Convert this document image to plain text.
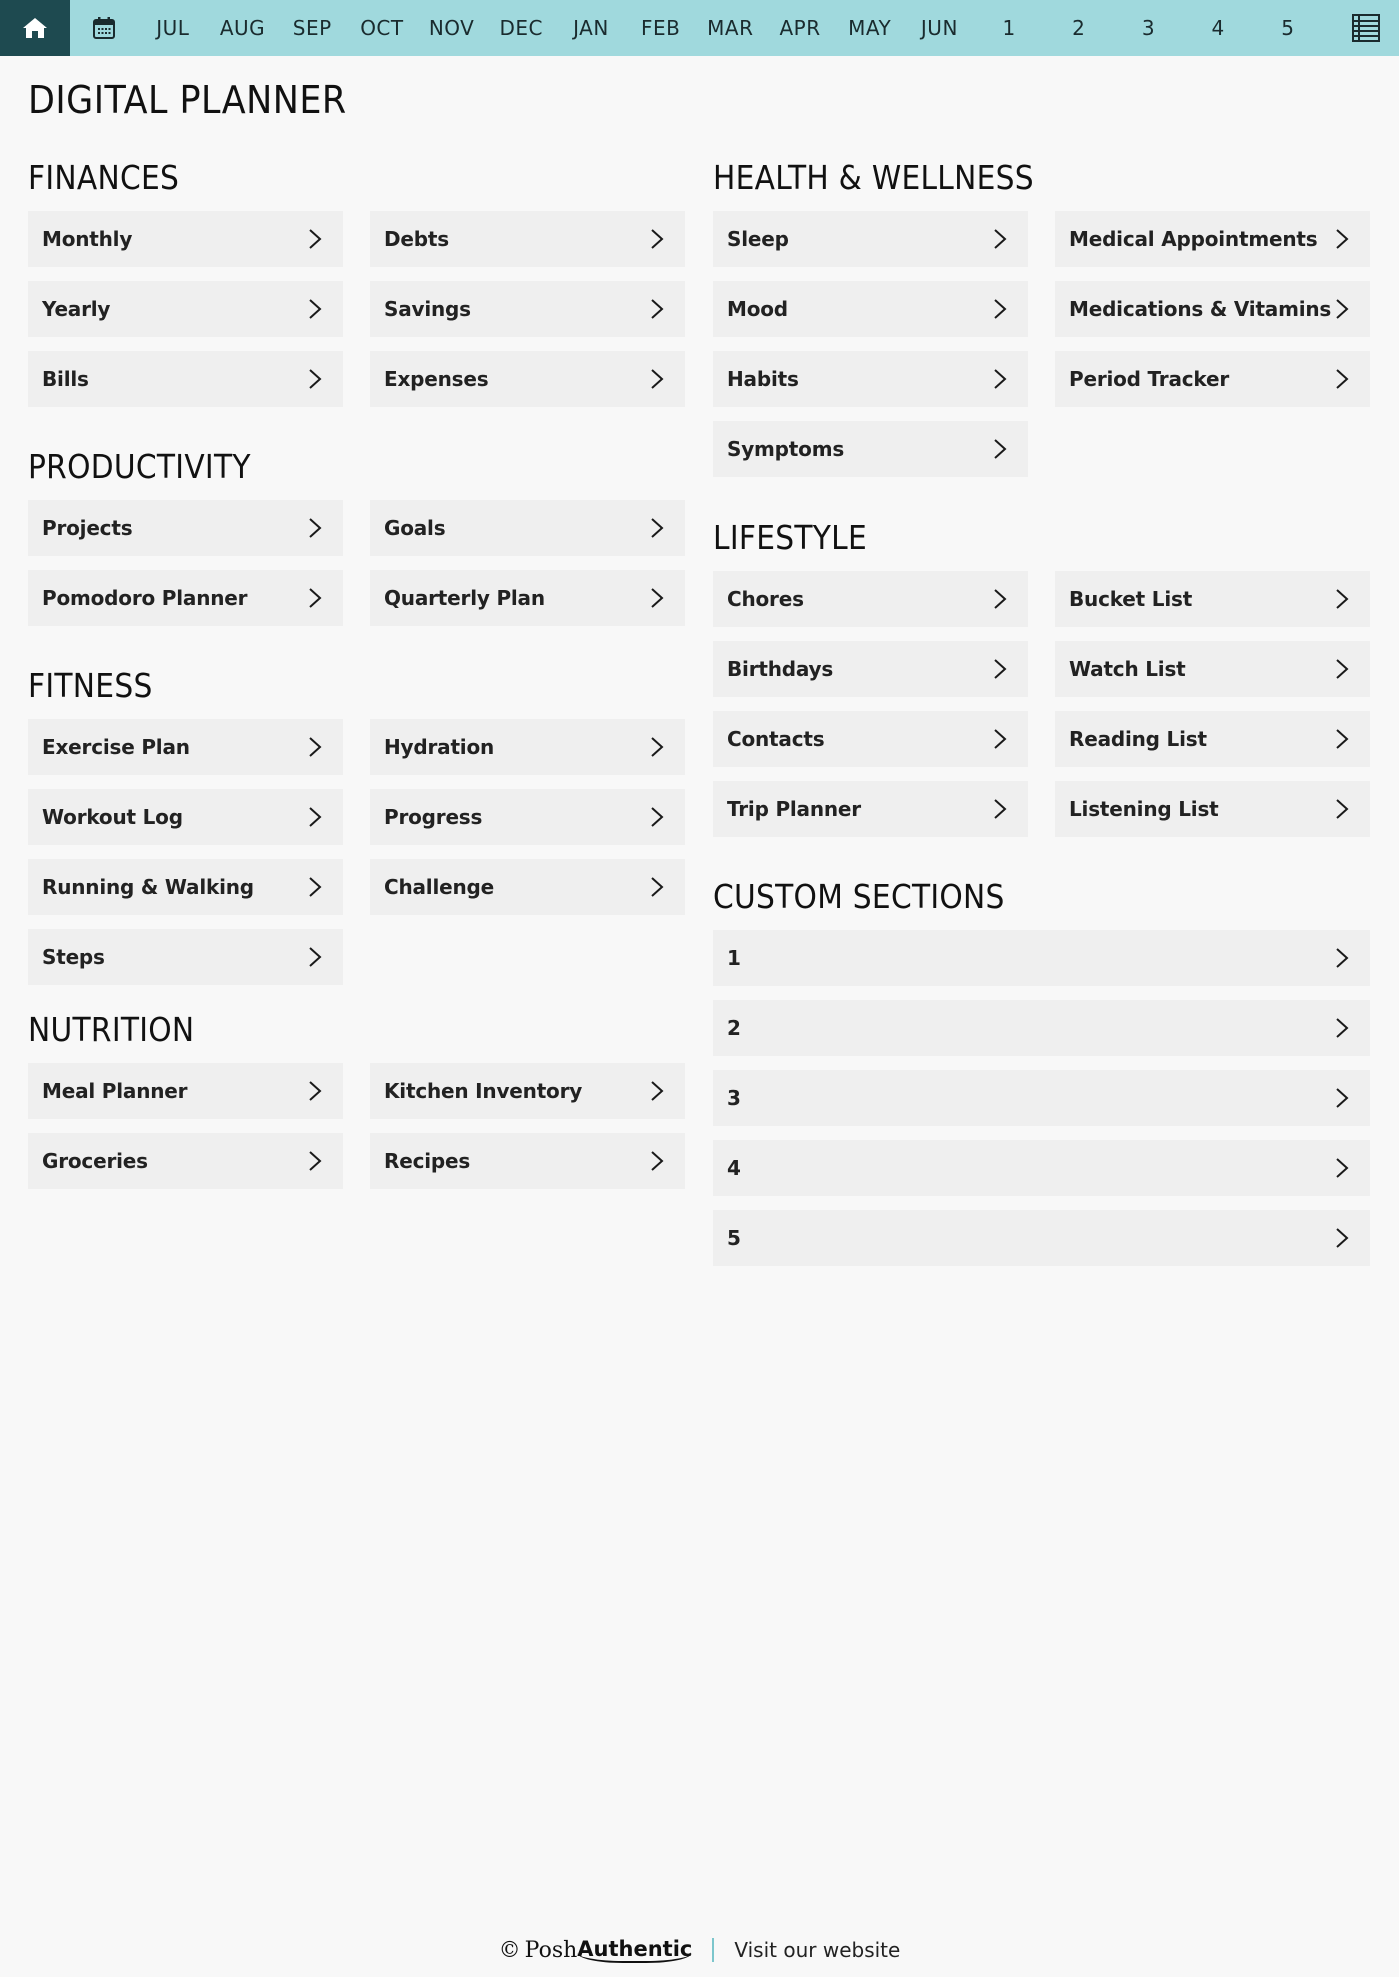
JUL	AUG	SEP	OCT	NOV	DEC	JAN	FEB	MAR	APR	MAY	JUN	1	2	3	4	5
DIGITAL PLANNER
FINANCES
Monthly	Debts
Yearly	Savings
Bills	Expenses
PRODUCTIVITY
Projects	Goals
Pomodoro Planner	Quarterly Plan
FITNESS
Exercise Plan	Hydration
Workout Log	Progress
Running & Walking	Challenge
Steps
NUTRITION
Meal Planner	Kitchen Inventory
Groceries	Recipes
HEALTH & WELLNESS
Sleep	Medical Appointments
Mood	Medications & Vitamins
Habits	Period Tracker
Symptoms
LIFESTYLE
Chores	Bucket List
Birthdays	Watch List
Contacts	Reading List
Trip Planner	Listening List
CUSTOM SECTIONS
1
2
3
4
5
© Posh Authentic Visit our website
